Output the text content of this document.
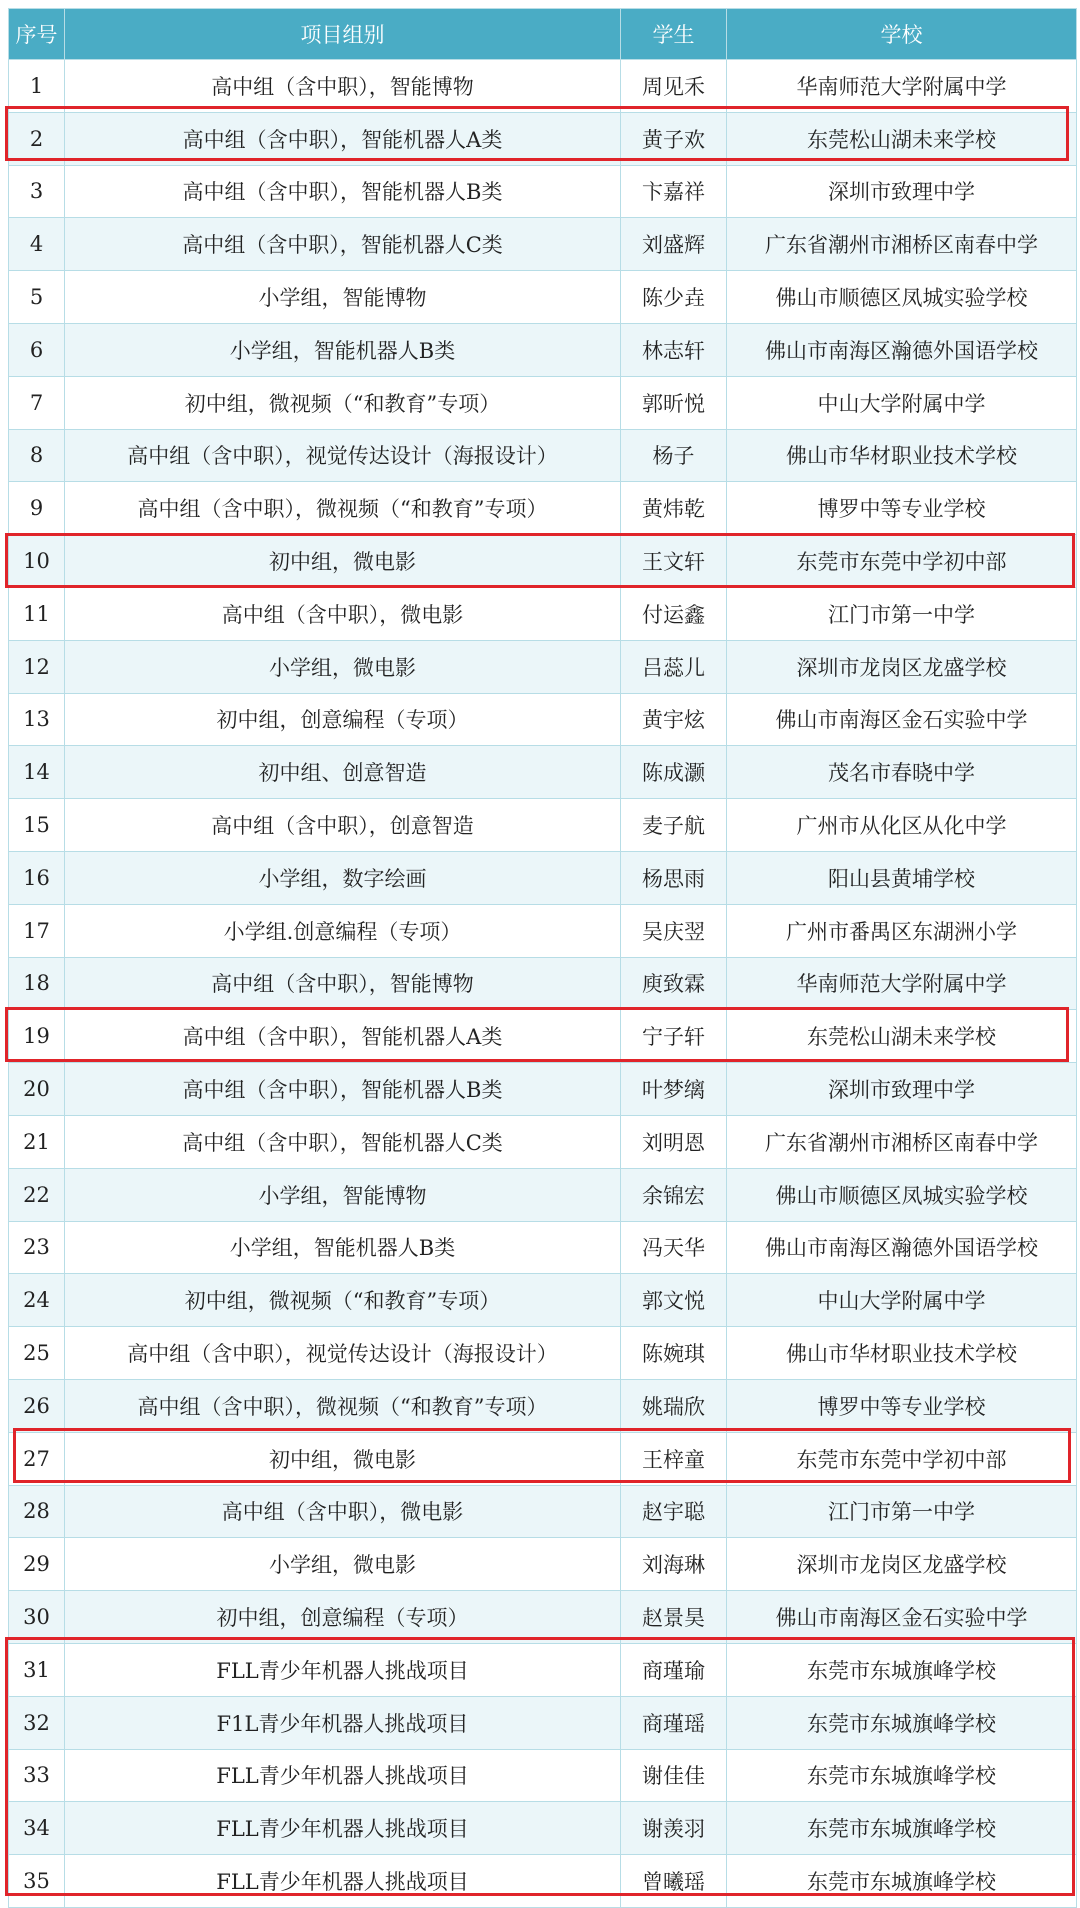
序号	项目组别	学生	学校
1	高中组（含中职），智能博物	周见禾	华南师范大学附属中学
2	高中组（含中职），智能机器人A类	黄子欢	东莞松山湖未来学校
3	高中组（含中职），智能机器人B类	卞嘉祥	深圳市致理中学
4	高中组（含中职），智能机器人C类	刘盛辉	广东省潮州市湘桥区南春中学
5	小学组，智能博物	陈少垚	佛山市顺德区凤城实验学校
6	小学组，智能机器人B类	林志轩	佛山市南海区瀚德外国语学校
7	初中组，微视频（“和教育”专项）	郭昕悦	中山大学附属中学
8	高中组（含中职），视觉传达设计（海报设计）	杨子	佛山市华材职业技术学校
9	高中组（含中职），微视频（“和教育”专项）	黄炜乾	博罗中等专业学校
10	初中组，微电影	王文轩	东莞市东莞中学初中部
11	高中组（含中职），微电影	付运鑫	江门市第一中学
12	小学组，微电影	吕蕊儿	深圳市龙岗区龙盛学校
13	初中组，创意编程（专项）	黄宇炫	佛山市南海区金石实验中学
14	初中组、创意智造	陈成灏	茂名市春晓中学
15	高中组（含中职），创意智造	麦子航	广州市从化区从化中学
16	小学组，数字绘画	杨思雨	阳山县黄埔学校
17	小学组.创意编程（专项）	吴庆翌	广州市番禺区东湖洲小学
18	高中组（含中职），智能博物	庾致霖	华南师范大学附属中学
19	高中组（含中职），智能机器人A类	宁子轩	东莞松山湖未来学校
20	高中组（含中职），智能机器人B类	叶梦缡	深圳市致理中学
21	高中组（含中职），智能机器人C类	刘明恩	广东省潮州市湘桥区南春中学
22	小学组，智能博物	余锦宏	佛山市顺德区凤城实验学校
23	小学组，智能机器人B类	冯天华	佛山市南海区瀚德外国语学校
24	初中组，微视频（“和教育”专项）	郭文悦	中山大学附属中学
25	高中组（含中职），视觉传达设计（海报设计）	陈婉琪	佛山市华材职业技术学校
26	高中组（含中职），微视频（“和教育”专项）	姚瑞欣	博罗中等专业学校
27	初中组，微电影	王梓童	东莞市东莞中学初中部
28	高中组（含中职），微电影	赵宇聪	江门市第一中学
29	小学组，微电影	刘海琳	深圳市龙岗区龙盛学校
30	初中组，创意编程（专项）	赵景昊	佛山市南海区金石实验中学
31	FLL青少年机器人挑战项目	商瑾瑜	东莞市东城旗峰学校
32	F1L青少年机器人挑战项目	商瑾瑶	东莞市东城旗峰学校
33	FLL青少年机器人挑战项目	谢佳佳	东莞市东城旗峰学校
34	FLL青少年机器人挑战项目	谢羡羽	东莞市东城旗峰学校
35	FLL青少年机器人挑战项目	曾曦瑶	东莞市东城旗峰学校
